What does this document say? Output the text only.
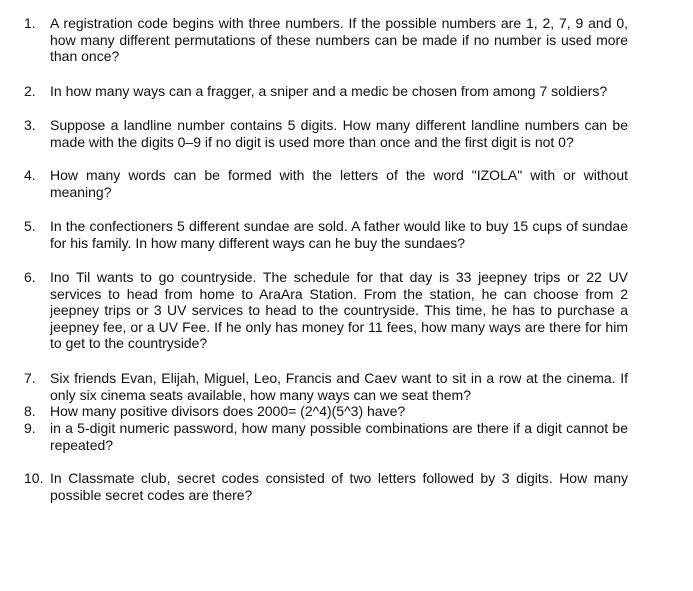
1.	A registration code begins with three numbers. If the possible numbers are 1, 2, 7, 9 and 0, how many different permutations of these numbers can be made if no number is used more than once?
2.	In how many ways can a fragger, a sniper and a medic be chosen from among 7 soldiers?
3.	Suppose a landline number contains 5 digits. How many different landline numbers can be made with the digits 0–9 if no digit is used more than once and the first digit is not 0?
4.	How many words can be formed with the letters of the word "IZOLA" with or without meaning?
5.	In the confectioners 5 different sundae are sold. A father would like to buy 15 cups of sundae for his family. In how many different ways can he buy the sundaes?
6.	Ino Til wants to go countryside. The schedule for that day is 33 jeepney trips or 22 UV services to head from home to AraAra Station. From the station, he can choose from 2 jeepney trips or 3 UV services to head to the countryside. This time, he has to purchase a jeepney fee, or a UV Fee. If he only has money for 11 fees, how many ways are there for him to get to the countryside?
7.	Six friends Evan, Elijah, Miguel, Leo, Francis and Caev want to sit in a row at the cinema. If only six cinema seats available, how many ways can we seat them?
8.	How many positive divisors does 2000= (2^4)(5^3) have?
9.	in a 5-digit numeric password, how many possible combinations are there if a digit cannot be repeated?
10. In Classmate club, secret codes consisted of two letters followed by 3 digits. How many possible secret codes are there?
